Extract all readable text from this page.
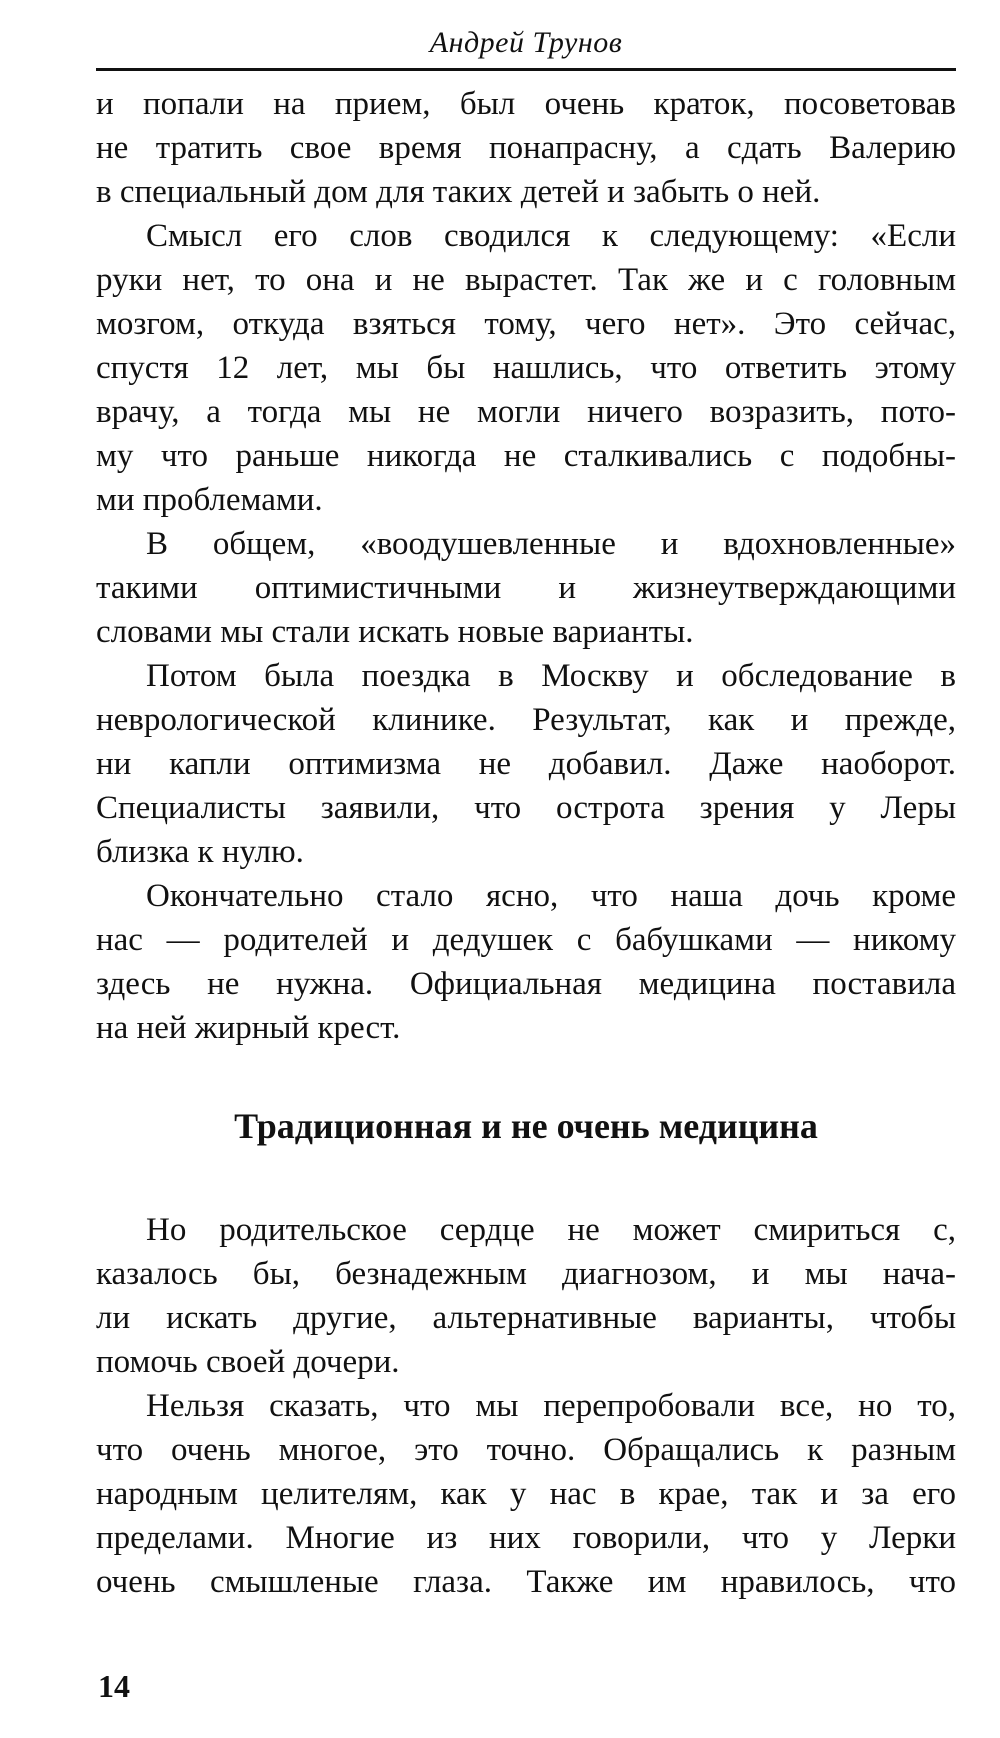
Андрей Трунов
и попали на прием, был очень краток, посоветовав
не тратить свое время понапрасну, а сдать Валерию
в специальный дом для таких детей и забыть о ней.
Смысл его слов сводился к следующему: «Если
руки нет, то она и не вырастет. Так же и с головным
мозгом, откуда взяться тому, чего нет». Это сейчас,
спустя 12 лет, мы бы нашлись, что ответить этому
врачу, а тогда мы не могли ничего возразить, пото-
му что раньше никогда не сталкивались с подобны-
ми проблемами.
В общем, «воодушевленные и вдохновленные»
такими оптимистичными и жизнеутверждающими
словами мы стали искать новые варианты.
Потом была поездка в Москву и обследование в
неврологической клинике. Результат, как и прежде,
ни капли оптимизма не добавил. Даже наоборот.
Специалисты заявили, что острота зрения у Леры
близка к нулю.
Окончательно стало ясно, что наша дочь кроме
нас — родителей и дедушек с бабушками — никому
здесь не нужна. Официальная медицина поставила
на ней жирный крест.
Традиционная и не очень медицина
Но родительское сердце не может смириться с,
казалось бы, безнадежным диагнозом, и мы нача-
ли искать другие, альтернативные варианты, чтобы
помочь своей дочери.
Нельзя сказать, что мы перепробовали все, но то,
что очень многое, это точно. Обращались к разным
народным целителям, как у нас в крае, так и за его
пределами. Многие из них говорили, что у Лерки
очень смышленые глаза. Также им нравилось, что
14
